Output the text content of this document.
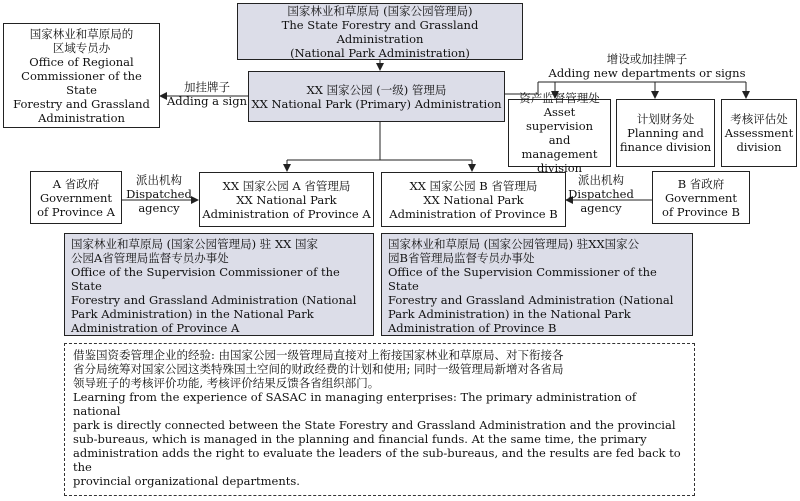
国家林业和草原局 (国家公园管理局)
The State Forestry and Grassland Administration
(National Park Administration)
国家林业和草原局的
区域专员办
Office of Regional
Commissioner of the State
Forestry and Grassland
Administration
加挂牌子
Adding a sign
XX 国家公园 (一级) 管理局
XX National Park (Primary) Administration
增设或加挂牌子
Adding new departments or signs
资产监督管理处
Asset supervision
and management
division
计划财务处
Planning and
finance division
考核评估处
Assessment
division
A 省政府
Government
of Province A
派出机构
Dispatched
agency
XX 国家公园 A 省管理局
XX National Park
Administration of Province A
XX 国家公园 B 省管理局
XX National Park
Administration of Province B
派出机构
Dispatched
agency
B 省政府
Government
of Province B
国家林业和草原局 (国家公园管理局) 驻 XX 国家
公园A省管理局监督专员办事处
Office of the Supervision Commissioner of the State
Forestry and Grassland Administration (National
Park Administration) in the National Park
Administration of Province A
国家林业和草原局 (国家公园管理局) 驻XX国家公
园B省管理局监督专员办事处
Office of the Supervision Commissioner of the State
Forestry and Grassland Administration (National
Park Administration) in the National Park
Administration of Province B
借鉴国资委管理企业的经验: 由国家公园一级管理局直接对上衔接国家林业和草原局、对下衔接各
省分局统筹对国家公园这类特殊国土空间的财政经费的计划和使用; 同时一级管理局新增对各省局
领导班子的考核评价功能, 考核评价结果反馈各省组织部门。
Learning from the experience of SASAC in managing enterprises: The primary administration of national
park is directly connected between the State Forestry and Grassland Administration and the provincial
sub-bureaus, which is managed in the planning and financial funds. At the same time, the primary
administration adds the right to evaluate the leaders of the sub-bureaus, and the results are fed back to the
provincial organizational departments.
